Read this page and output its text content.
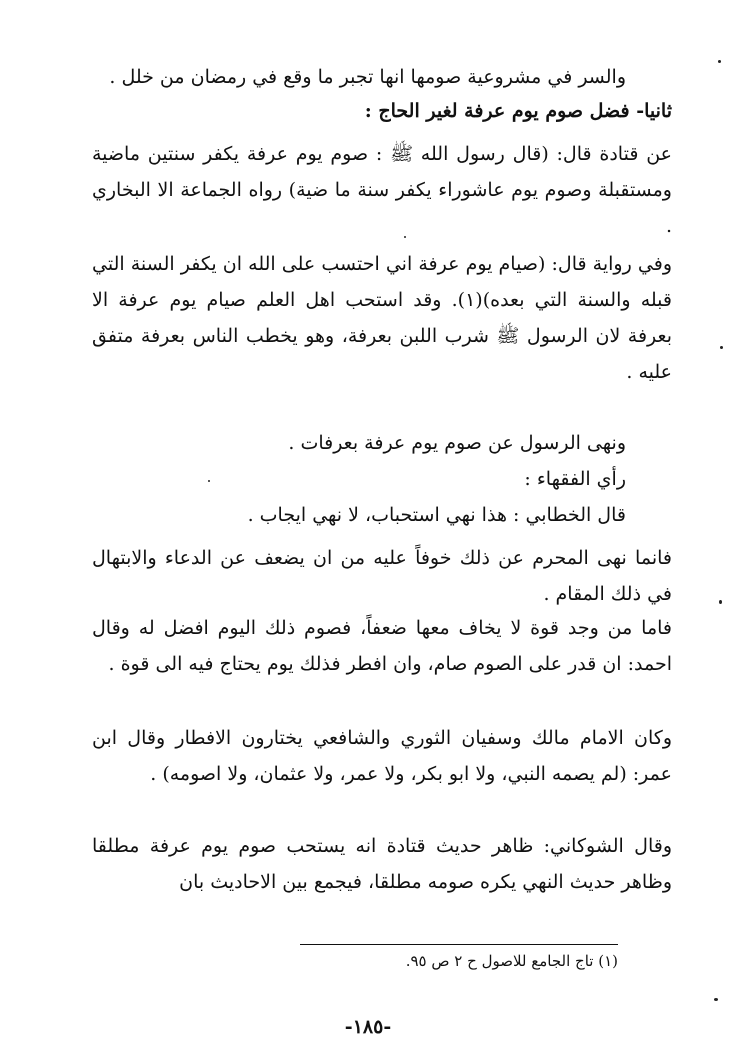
والسر في مشروعية صومها انها تجبر ما وقع في رمضان من خلل .
ثانيا- فضل صوم يوم عرفة لغير الحاج :
عن قتادة قال: (قال رسول الله ﷺ : صوم يوم عرفة يكفر سنتين ماضية ومستقبلة وصوم يوم عاشوراء يكفر سنة ما ضية) رواه الجماعة الا البخاري .
وفي رواية قال: (صيام يوم عرفة اني احتسب على الله ان يكفر السنة التي قبله والسنة التي بعده)(١). وقد استحب اهل العلم صيام يوم عرفة الا بعرفة لان الرسول ﷺ شرب اللبن بعرفة، وهو يخطب الناس بعرفة متفق عليه .
ونهى الرسول عن صوم يوم عرفة بعرفات .
رأي الفقهاء :
قال الخطابي : هذا نهي استحباب، لا نهي ايجاب .
فانما نهى المحرم عن ذلك خوفاً عليه من ان يضعف عن الدعاء والابتهال في ذلك المقام .
فاما من وجد قوة لا يخاف معها ضعفاً، فصوم ذلك اليوم افضل له وقال احمد: ان قدر على الصوم صام، وان افطر فذلك يوم يحتاج فيه الى قوة .
وكان الامام مالك وسفيان الثوري والشافعي يختارون الافطار وقال ابن عمر: (لم يصمه النبي، ولا ابو بكر، ولا عمر، ولا عثمان، ولا اصومه) .
وقال الشوكاني: ظاهر حديث قتادة انه يستحب صوم يوم عرفة مطلقا وظاهر حديث النهي يكره صومه مطلقا، فيجمع بين الاحاديث بان
(١) تاج الجامع للاصول ح ٢ ص ٩٥.
-١٨٥-
